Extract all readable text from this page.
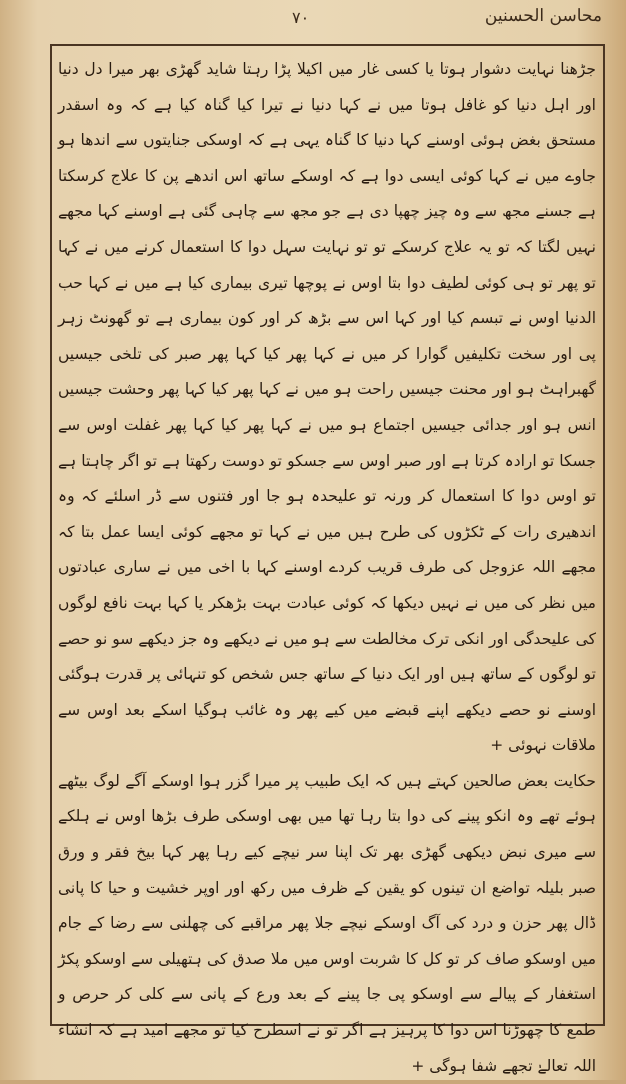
٧٠	محاسن الحسنین

جڑھنا نہایت دشوار ہوتا یا کسی غار میں اکیلا پڑا رہتا شاید گھڑی بھر میرا دل دنیا اور اہل دنیا کو غافل ہوتا میں نے کہا دنیا نے تیرا کیا گناہ کیا ہے کہ وہ اسقدر مستحق بغض ہوئی اوسنے کہا دنیا کا گناہ یہی ہے کہ اوسکی جنایتوں سے اندھا ہو جاوے میں نے کہا کوئی ایسی دوا ہے کہ اوسکے ساتھ اس اندھے پن کا علاج کرسکتا ہے جسنے مجھ سے وہ چیز چھپا دی ہے جو مجھ سے چاہی گئی ہے اوسنے کہا مجھے نہیں لگتا کہ تو یہ علاج کرسکے تو تو نہایت سہل دوا کا استعمال کرنے میں نے کہا تو پھر تو ہی کوئی لطیف دوا بتا اوس نے پوچھا تیری بیماری کیا ہے میں نے کہا حب الدنیا اوس نے تبسم کیا اور کہا اس سے بڑھ کر اور کون بیماری ہے تو گھونٹ زہر پی اور سخت تکلیفیں گوارا کر میں نے کہا پھر کیا کہا پھر صبر کی تلخی جیسیں گھبراہٹ ہو اور محنت جیسیں راحت ہو میں نے کہا پھر کیا کہا پھر وحشت جیسیں انس ہو اور جدائی جیسیں اجتماع ہو میں نے کہا پھر کیا کہا پھر غفلت اوس سے جسکا تو ارادہ کرتا ہے اور صبر اوس سے جسکو تو دوست رکھتا ہے تو اگر چاہتا ہے تو اوس دوا کا استعمال کر ورنہ تو علیحدہ ہو جا اور فتنوں سے ڈر اسلئے کہ وہ اندھیری رات کے ٹکڑوں کی طرح ہیں میں نے کہا تو مجھے کوئی ایسا عمل بتا کہ مجھے اللہ عزوجل کی طرف قریب کردے اوسنے کہا با اخی میں نے ساری عبادتوں میں نظر کی میں نے نہیں دیکھا کہ کوئی عبادت بہت بڑھکر یا کہا بہت نافع لوگوں کی علیحدگی اور انکی ترک مخالطت سے ہو میں نے دیکھے وہ جز دیکھے سو نو حصے تو لوگوں کے ساتھ ہیں اور ایک دنیا کے ساتھ جس شخص کو تنہائی پر قدرت ہوگئی اوسنے نو حصے دیکھے اپنے قبضے میں کیے پھر وہ غائب ہوگیا اسکے بعد اوس سے ملاقات نہوئی +

حکایت بعض صالحین کہتے ہیں کہ ایک طبیب پر میرا گزر ہوا اوسکے آگے لوگ بیٹھے ہوئے تھے وہ انکو پینے کی دوا بتا رہا تھا میں بھی اوسکی طرف بڑھا اوس نے ہلکے سے میری نبض دیکھی گھڑی بھر تک اپنا سر نیچے کیے رہا پھر کہا بیخ فقر و ورق صبر بلیلہ تواضع ان تینوں کو یقین کے ظرف میں رکھ اور اوپر خشیت و حیا کا پانی ڈال پھر حزن و درد کی آگ اوسکے نیچے جلا پھر مراقبے کی چھلنی سے رضا کے جام میں اوسکو صاف کر تو کل کا شربت اوس میں ملا صدق کی ہتھیلی سے اوسکو پکڑ استغفار کے پیالے سے اوسکو پی جا پینے کے بعد ورع کے پانی سے کلی کر حرص و طمع کا چھوڑنا اس دوا کا پرہیز ہے اگر تو نے اسطرح کیا تو مجھے امید ہے کہ انشاء اللہ تعالےٰ تجھے شفا ہوگی +
